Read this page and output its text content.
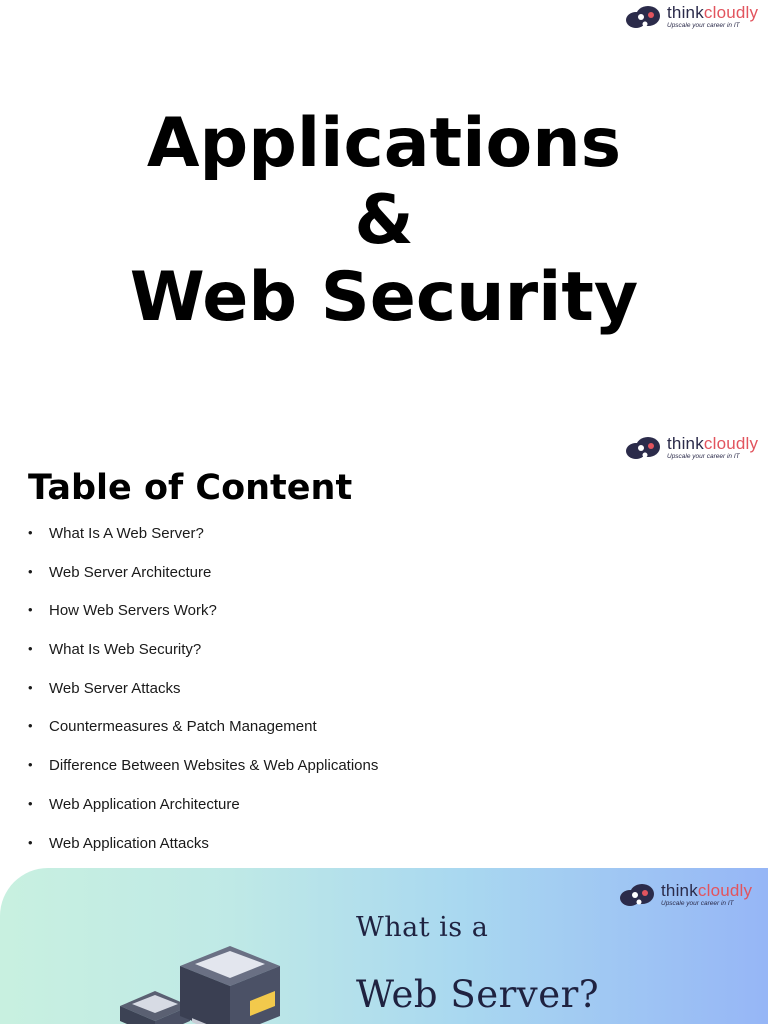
thinkcloudly
Upscale your career in IT
Applications
&
Web Security
thinkcloudly
Upscale your career in IT
Table of Content
•	What Is A Web Server?
•	Web Server Architecture
•	How Web Servers Work?
•	What Is Web Security?
•	Web Server Attacks
•	Countermeasures & Patch Management
•	Difference Between Websites & Web Applications
•	Web Application Architecture
•	Web Application Attacks
thinkcloudly
Upscale your career in IT
What is a
Web Server?
